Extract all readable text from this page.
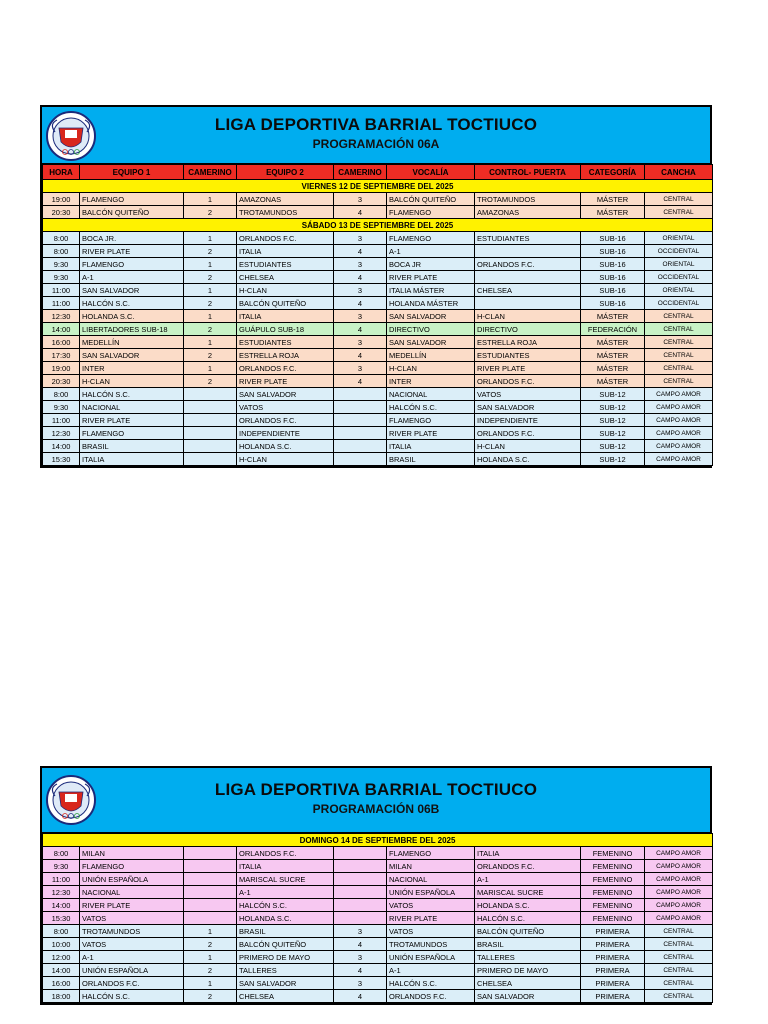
LIGA DEPORTIVA BARRIAL TOCTIUCO
PROGRAMACIÓN 06A
HORA	EQUIPO 1	CAMERINO	EQUIPO 2	CAMERINO	VOCALÍA	CONTROL- PUERTA	CATEGORÍA	CANCHA
VIERNES 12 DE SEPTIEMBRE DEL 2025								
19:00	FLAMENGO	1	AMAZONAS	3	BALCÓN QUITEÑO	TROTAMUNDOS	MÁSTER	CENTRAL
20:30	BALCÓN QUITEÑO	2	TROTAMUNDOS	4	FLAMENGO	AMAZONAS	MÁSTER	CENTRAL
SÁBADO 13 DE SEPTIEMBRE DEL 2025								
8:00	BOCA JR.	1	ORLANDOS F.C.	3	FLAMENGO	ESTUDIANTES	SUB-16	ORIENTAL
8:00	RIVER PLATE	2	ITALIA	4	A-1		SUB-16	OCCIDENTAL
9:30	FLAMENGO	1	ESTUDIANTES	3	BOCA JR	ORLANDOS F.C.	SUB-16	ORIENTAL
9:30	A-1	2	CHELSEA	4	RIVER PLATE		SUB-16	OCCIDENTAL
11:00	SAN SALVADOR	1	H-CLAN	3	ITALIA MÁSTER	CHELSEA	SUB-16	ORIENTAL
11:00	HALCÓN S.C.	2	BALCÓN QUITEÑO	4	HOLANDA MÁSTER		SUB-16	OCCIDENTAL
12:30	HOLANDA S.C.	1	ITALIA	3	SAN SALVADOR	H-CLAN	MÁSTER	CENTRAL
14:00	LIBERTADORES SUB-18	2	GUÁPULO SUB-18	4	DIRECTIVO	DIRECTIVO	FEDERACIÓN	CENTRAL
16:00	MEDELLÍN	1	ESTUDIANTES	3	SAN SALVADOR	ESTRELLA ROJA	MÁSTER	CENTRAL
17:30	SAN SALVADOR	2	ESTRELLA ROJA	4	MEDELLÍN	ESTUDIANTES	MÁSTER	CENTRAL
19:00	INTER	1	ORLANDOS F.C.	3	H-CLAN	RIVER PLATE	MÁSTER	CENTRAL
20:30	H-CLAN	2	RIVER PLATE	4	INTER	ORLANDOS F.C.	MÁSTER	CENTRAL
8:00	HALCÓN S.C.		SAN SALVADOR		NACIONAL	VATOS	SUB-12	CAMPO AMOR
9:30	NACIONAL		VATOS		HALCÓN S.C.	SAN SALVADOR	SUB-12	CAMPO AMOR
11:00	RIVER PLATE		ORLANDOS F.C.		FLAMENGO	INDEPENDIENTE	SUB-12	CAMPO AMOR
12:30	FLAMENGO		INDEPENDIENTE		RIVER PLATE	ORLANDOS F.C.	SUB-12	CAMPO AMOR
14:00	BRASIL		HOLANDA S.C.		ITALIA	H-CLAN	SUB-12	CAMPO AMOR
15:30	ITALIA		H-CLAN		BRASIL	HOLANDA S.C.	SUB-12	CAMPO AMOR
LIGA DEPORTIVA BARRIAL TOCTIUCO
PROGRAMACIÓN 06B
DOMINGO 14 DE SEPTIEMBRE DEL 2025								
8:00	MILAN		ORLANDOS F.C.		FLAMENGO	ITALIA	FEMENINO	CAMPO AMOR
9:30	FLAMENGO		ITALIA		MILAN	ORLANDOS F.C.	FEMENINO	CAMPO AMOR
11:00	UNIÓN ESPAÑOLA		MARISCAL SUCRE		NACIONAL	A-1	FEMENINO	CAMPO AMOR
12:30	NACIONAL		A-1		UNIÓN ESPAÑOLA	MARISCAL SUCRE	FEMENINO	CAMPO AMOR
14:00	RIVER PLATE		HALCÓN S.C.		VATOS	HOLANDA S.C.	FEMENINO	CAMPO AMOR
15:30	VATOS		HOLANDA S.C.		RIVER PLATE	HALCÓN S.C.	FEMENINO	CAMPO AMOR
8:00	TROTAMUNDOS	1	BRASIL	3	VATOS	BALCÓN QUITEÑO	PRIMERA	CENTRAL
10:00	VATOS	2	BALCÓN QUITEÑO	4	TROTAMUNDOS	BRASIL	PRIMERA	CENTRAL
12:00	A-1	1	PRIMERO DE MAYO	3	UNIÓN ESPAÑOLA	TALLERES	PRIMERA	CENTRAL
14:00	UNIÓN ESPAÑOLA	2	TALLERES	4	A-1	PRIMERO DE MAYO	PRIMERA	CENTRAL
16:00	ORLANDOS F.C.	1	SAN SALVADOR	3	HALCÓN S.C.	CHELSEA	PRIMERA	CENTRAL
18:00	HALCÓN S.C.	2	CHELSEA	4	ORLANDOS F.C.	SAN SALVADOR	PRIMERA	CENTRAL
